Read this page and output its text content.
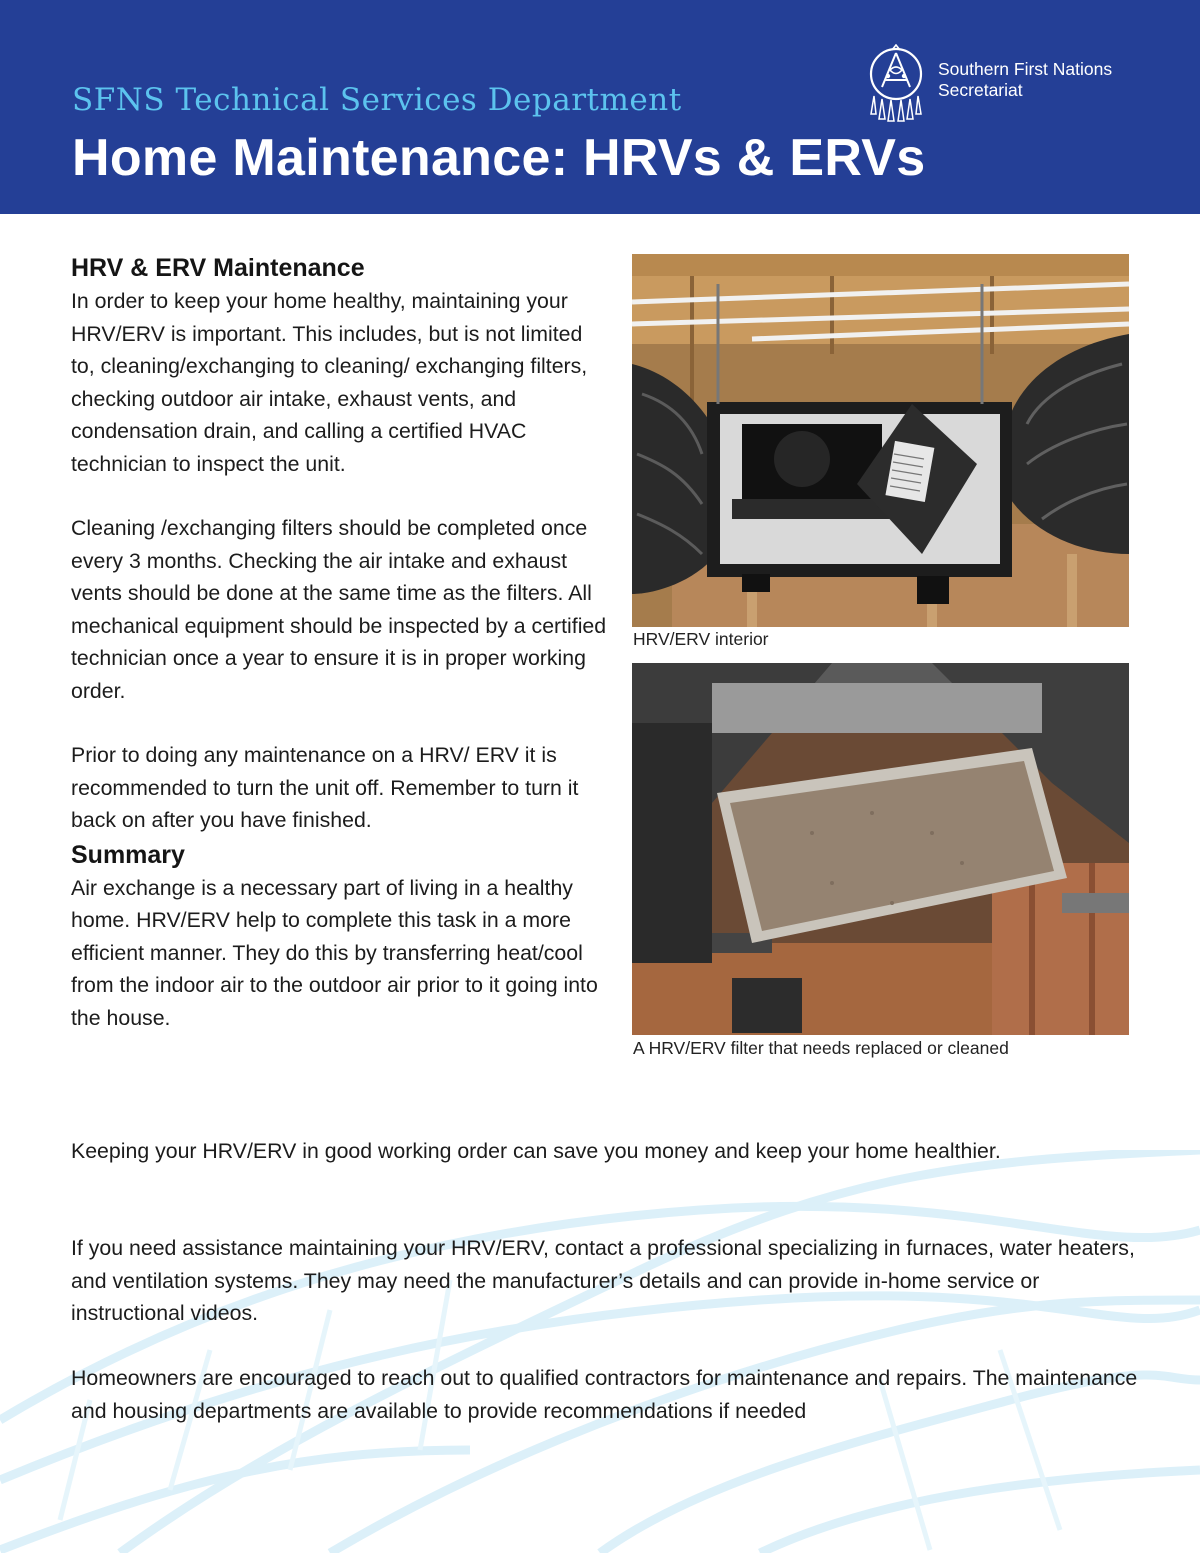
SFNS Technical Services Department
Home Maintenance: HRVs & ERVs
Southern First Nations
Secretariat
HRV & ERV Maintenance

In order to keep your home healthy, maintaining your HRV/ERV is important. This includes, but is not limited to, cleaning/exchanging to cleaning/ exchanging filters, checking outdoor air intake, exhaust vents, and condensation drain, and calling a certified HVAC technician to inspect the unit.

Cleaning /exchanging filters should be completed once every 3 months. Checking the air intake and exhaust vents should be done at the same time as the filters. All mechanical equipment should be inspected by a certified technician once a year to ensure it is in proper working order.

Prior to doing any maintenance on a HRV/ ERV it is recommended to turn the unit off. Remember to turn it back on after you have finished.

Summary

Air exchange is a necessary part of living in a healthy home. HRV/ERV help to complete this task in a more efficient manner. They do this by transferring heat/cool from the indoor air to the outdoor air prior to it going into the house.

HRV/ERV interior
A HRV/ERV filter that needs replaced or cleaned

Keeping your HRV/ERV in good working order can save you money and keep your home healthier.

If you need assistance maintaining your HRV/ERV, contact a professional specializing in furnaces, water heaters, and ventilation systems. They may need the manufacturer’s details and can provide in-home service or instructional videos.

Homeowners are encouraged to reach out to qualified contractors for maintenance and repairs. The maintenance and housing departments are available to provide recommendations if needed
